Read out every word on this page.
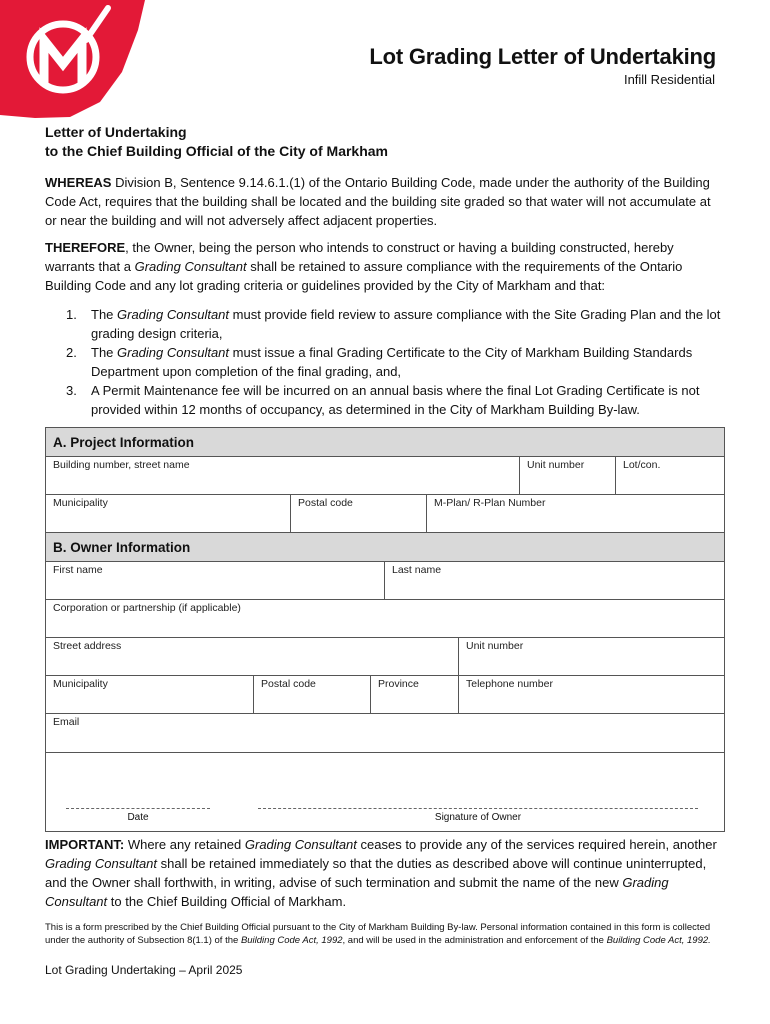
Lot Grading Letter of Undertaking
Infill Residential
Letter of Undertaking
to the Chief Building Official of the City of Markham
WHEREAS Division B, Sentence 9.14.6.1.(1) of the Ontario Building Code, made under the authority of the Building Code Act, requires that the building shall be located and the building site graded so that water will not accumulate at or near the building and will not adversely affect adjacent properties.
THEREFORE, the Owner, being the person who intends to construct or having a building constructed, hereby warrants that a Grading Consultant shall be retained to assure compliance with the requirements of the Ontario Building Code and any lot grading criteria or guidelines provided by the City of Markham and that:
1. The Grading Consultant must provide field review to assure compliance with the Site Grading Plan and the lot grading design criteria,
2. The Grading Consultant must issue a final Grading Certificate to the City of Markham Building Standards Department upon completion of the final grading, and,
3. A Permit Maintenance fee will be incurred on an annual basis where the final Lot Grading Certificate is not provided within 12 months of occupancy, as determined in the City of Markham Building By-law.
A. Project Information
Building number, street name	Unit number	Lot/con.
Municipality	Postal code	M-Plan/ R-Plan Number
B. Owner Information
First name	Last name
Corporation or partnership (if applicable)
Street address	Unit number
Municipality	Postal code	Province	Telephone number
Email
Date	Signature of Owner
IMPORTANT: Where any retained Grading Consultant ceases to provide any of the services required herein, another Grading Consultant shall be retained immediately so that the duties as described above will continue uninterrupted, and the Owner shall forthwith, in writing, advise of such termination and submit the name of the new Grading Consultant to the Chief Building Official of Markham.
This is a form prescribed by the Chief Building Official pursuant to the City of Markham Building By-law. Personal information contained in this form is collected under the authority of Subsection 8(1.1) of the Building Code Act, 1992, and will be used in the administration and enforcement of the Building Code Act, 1992.
Lot Grading Undertaking – April 2025
